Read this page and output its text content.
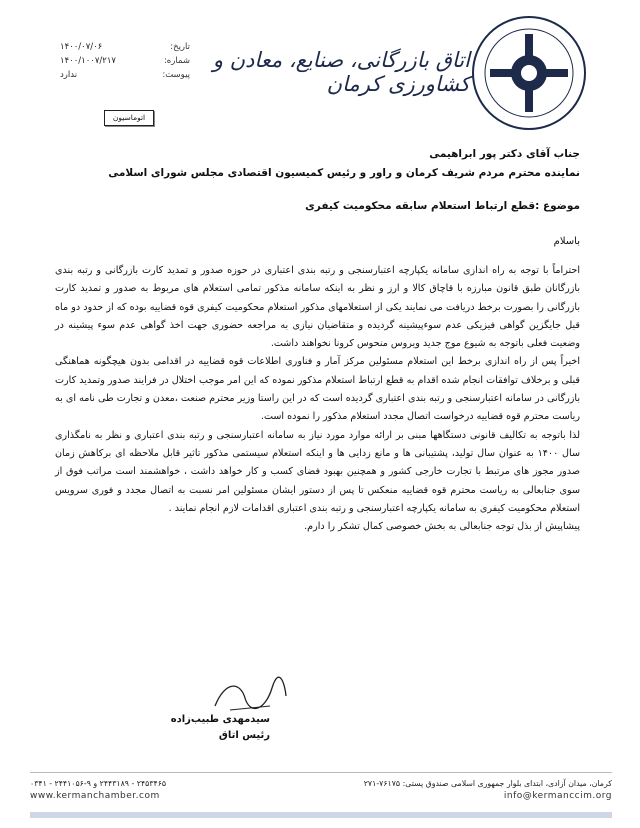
اتاق بازرگانی، صنایع، معادن و کشاورزی کرمان
۱۴۰۰/۰۷/۰۶	تاریخ:
۱۴۰۰/۱۰۰۷/۲۱۷	شماره:
ندارد	پیوست:
اتوماسیون
جناب آقای دکتر پور ابراهیمی
نماینده محترم مردم شریف کرمان و راور و رئیس کمیسیون اقتصادی مجلس شورای اسلامی
موضوع :قطع ارتباط استعلام سابقه محکومیت کیفری
باسلام

احتراماً با توجه به راه اندازی سامانه یکپارچه اعتبارسنجی و رتبه بندی اعتباری در حوزه صدور و تمدید کارت بازرگانی و رتبه بندی بازرگانان طبق قانون مبارزه با قاچاق کالا و ارز و نظر به اینکه سامانه مذکور تمامی استعلام های مربوط به صدور و تمدید کارت بازرگانی را بصورت برخط دریافت می نمایند یکی از استعلامهای مذکور استعلام محکومیت کیفری قوه قضاییه بوده که از حدود دو ماه قبل جایگزین گواهی فیزیکی عدم سوءپیشینه گردیده و متقاضیان نیازی به مراجعه حضوری جهت اخذ گواهی عدم سوء پیشینه در وضعیت فعلی باتوجه به شیوع موج جدید ویروس منحوس کرونا نخواهند داشت.

اخیراً پس از راه اندازی برخط این استعلام مسئولین مرکز آمار و فناوری اطلاعات قوه قضاییه در اقدامی بدون هیچگونه هماهنگی قبلی و برخلاف توافقات انجام شده اقدام به قطع ارتباط استعلام مذکور نموده که این امر موجب اختلال در فرایند صدور وتمدید کارت بازرگانی در سامانه اعتبارسنجی و رتبه بندی اعتباری گردیده است که در این راستا وزیر محترم صنعت ،معدن و تجارت طی نامه ای به ریاست محترم قوه قضاییه درخواست اتصال مجدد استعلام مذکور را نموده است.

لذا باتوجه به تکالیف قانونی دستگاهها مبنی بر ارائه موارد مورد نیاز به سامانه اعتبارسنجی و رتبه بندی اعتباری و نظر به نامگذاری سال ۱۴۰۰ به عنوان سال تولید، پشتیبانی ها و مانع زدایی ها و اینکه استعلام سیستمی مذکور تاثیر قابل ملاحظه ای برکاهش زمان صدور مجوز های مرتبط با تجارت خارجی کشور و همچنین بهبود فضای کسب و کار خواهد داشت ، خواهشمند است مراتب فوق از سوی جنابعالی به ریاست محترم قوه قضاییه منعکس تا پس از دستور ایشان مسئولین امر نسبت به اتصال مجدد و فوری سرویس استعلام محکومیت کیفری به سامانه یکپارچه اعتبارسنجی و رتبه بندی اعتباری اقدامات لازم انجام نمایند .

پیشاپیش از بذل توجه جنابعالی به بخش خصوصی کمال تشکر را دارم.

سیدمهدی طبیب‌زاده
رئیس اتاق
۲۴۵۳۴۶۵ - ۲۴۴۳۱۸۹ و ۹-۲۴۴۱۰۵۶ - ۰۳۴۱	کرمان، میدان آزادی، ابتدای بلوار جمهوری اسلامی صندوق پستی: ۷۶۱۷۵-۲۷۱
www.kermanchamber.com	info@kermanccim.org
